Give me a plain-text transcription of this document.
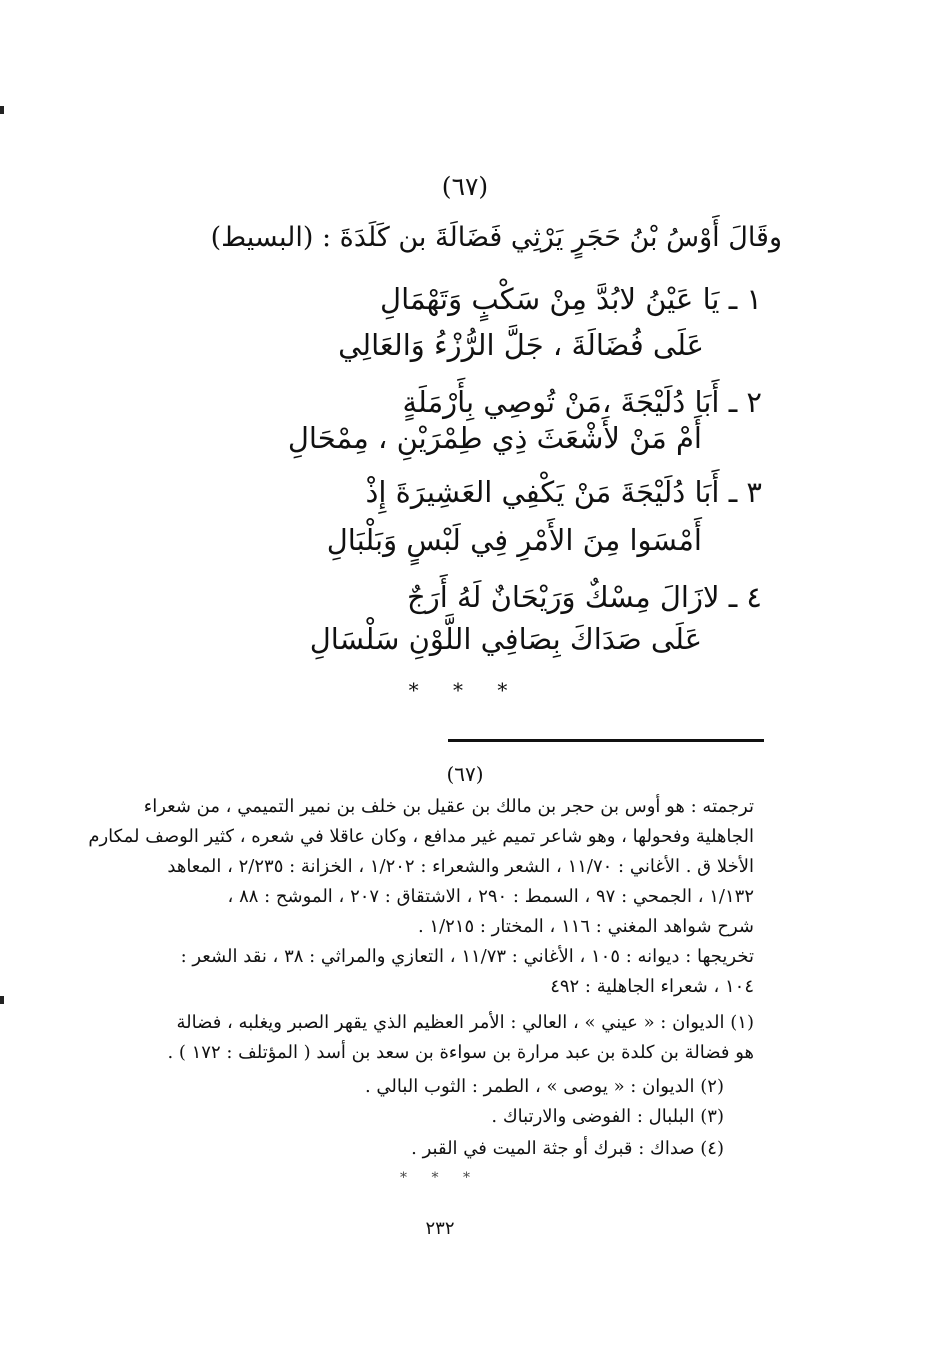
(٦٧)
وقَالَ أَوْسُ بْنُ حَجَرٍ يَرْثِي فَضَالَةَ بن كَلَدَةَ : (البسيط)
١ ـ يَا عَيْنُ لابُدَّ مِنْ سَكْبٍ وَتَهْمَالِ
عَلَى فُضَالَةَ ، جَلَّ الرُّزْءُ وَالعَالِي
٢ ـ أَبَا دُلَيْجَةَ ،مَنْ تُوصِي بِأَرْمَلَةٍ
أَمْ مَنْ لأَشْعَثَ ذِي طِمْرَيْنِ ، مِمْحَالِ
٣ ـ أَبَا دُلَيْجَةَ مَنْ يَكْفِي العَشِيرَةَ إِذْ
أَمْسَوا مِنَ الأَمْرِ فِي لَبْسٍ وَبَلْبَالِ
٤ ـ لازَالَ مِسْكٌ وَرَيْحَانٌ لَهُ أَرَجٌ
عَلَى صَدَاكَ بِصَافِي اللَّوْنِ سَلْسَالِ
* * *
(٦٧)
ترجمته : هو أوس بن حجر بن مالك بن عقيل بن خلف بن نمير التميمي ، من شعراء
الجاهلية وفحولها ، وهو شاعر تميم غير مدافع ، وكان عاقلا في شعره ، كثير الوصف لمكارم
الأخلا ق . الأغاني : ١١/٧٠ ، الشعر والشعراء : ١/٢٠٢ ، الخزانة : ٢/٢٣٥ ، المعاهد
١/١٣٢ ، الجمحي : ٩٧ ، السمط : ٢٩٠ ، الاشتقاق : ٢٠٧ ، الموشح : ٨٨ ،
شرح شواهد المغني : ١١٦ ، المختار : ١/٢١٥ .
تخريجها : ديوانه : ١٠٥ ، الأغاني : ١١/٧٣ ، التعازي والمراثي : ٣٨ ، نقد الشعر :
١٠٤ ، شعراء الجاهلية : ٤٩٢
(١) الديوان : « عيني » ، العالي : الأمر العظيم الذي يقهر الصبر ويغلبه ، فضالة
هو فضالة بن كلدة بن عبد مرارة بن سواءة بن سعد بن أسد ( المؤتلف : ١٧٢ ) .
(٢) الديوان : « يوصى » ، الطمر : الثوب البالي .
(٣) البلبال : الفوضى والارتباك .
(٤) صداك : قبرك أو جثة الميت في القبر .
* * *
٢٣٢
